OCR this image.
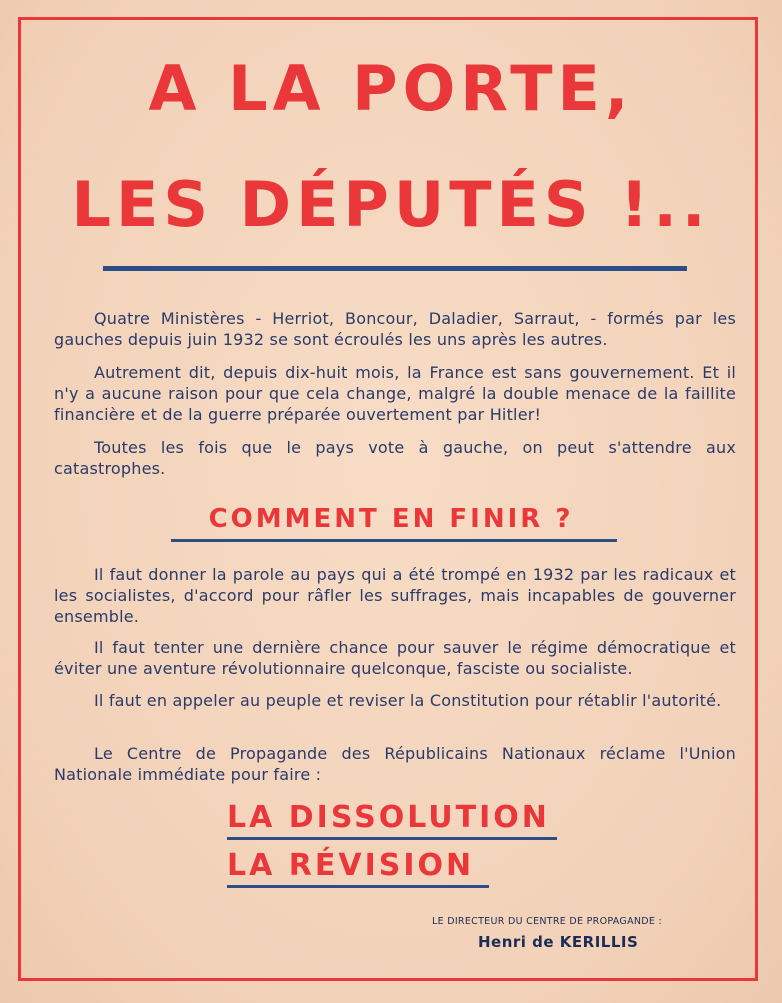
A LA PORTE,
LES DÉPUTÉS !..

Quatre Ministères - Herriot, Boncour, Daladier, Sarraut, - formés par les gauches depuis juin 1932 se sont écroulés les uns après les autres.

Autrement dit, depuis dix-huit mois, la France est sans gouvernement. Et il n'y a aucune raison pour que cela change, malgré la double menace de la faillite financière et de la guerre préparée ouvertement par Hitler!

Toutes les fois que le pays vote à gauche, on peut s'attendre aux catastrophes.

COMMENT EN FINIR ?

Il faut donner la parole au pays qui a été trompé en 1932 par les radicaux et les socialistes, d'accord pour râfler les suffrages, mais incapables de gouverner ensemble.

Il faut tenter une dernière chance pour sauver le régime démocratique et éviter une aventure révolutionnaire quelconque, fasciste ou socialiste.

Il faut en appeler au peuple et reviser la Constitution pour rétablir l'autorité.

Le Centre de Propagande des Républicains Nationaux réclame l'Union Nationale immédiate pour faire :

LA DISSOLUTION
LA RÉVISION

LE DIRECTEUR DU CENTRE DE PROPAGANDE :

Henri de KERILLIS
